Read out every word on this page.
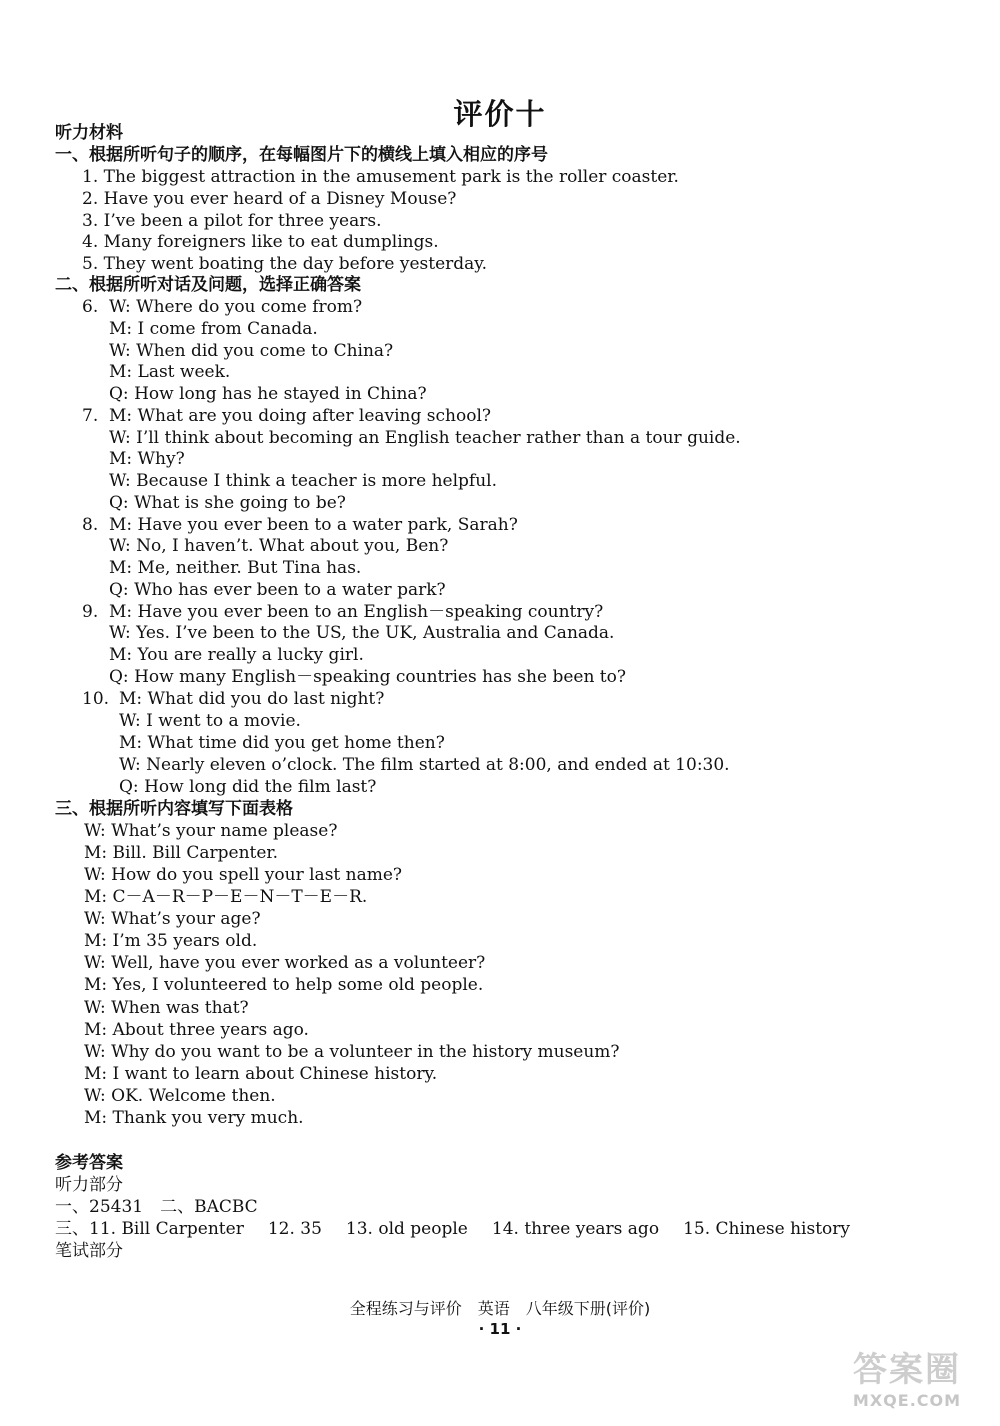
评价十
听力材料
一、根据所听句子的顺序，在每幅图片下的横线上填入相应的序号
1. The biggest attraction in the amusement park is the roller coaster.
2. Have you ever heard of a Disney Mouse?
3. I’ve been a pilot for three years.
4. Many foreigners like to eat dumplings.
5. They went boating the day before yesterday.
二、根据所听对话及问题，选择正确答案
6. W: Where do you come from?
M: I come from Canada.
W: When did you come to China?
M: Last week.
Q: How long has he stayed in China?
7. M: What are you doing after leaving school?
W: I’ll think about becoming an English teacher rather than a tour guide.
M: Why?
W: Because I think a teacher is more helpful.
Q: What is she going to be?
8. M: Have you ever been to a water park, Sarah?
W: No, I haven’t. What about you, Ben?
M: Me, neither. But Tina has.
Q: Who has ever been to a water park?
9. M: Have you ever been to an English－speaking country?
W: Yes. I’ve been to the US, the UK, Australia and Canada.
M: You are really a lucky girl.
Q: How many English－speaking countries has she been to?
10. M: What did you do last night?
W: I went to a movie.
M: What time did you get home then?
W: Nearly eleven o’clock. The film started at 8:00, and ended at 10:30.
Q: How long did the film last?
三、根据所听内容填写下面表格
W: What’s your name please?
M: Bill. Bill Carpenter.
W: How do you spell your last name?
M: C－A－R－P－E－N－T－E－R.
W: What’s your age?
M: I’m 35 years old.
W: Well, have you ever worked as a volunteer?
M: Yes, I volunteered to help some old people.
W: When was that?
M: About three years ago.
W: Why do you want to be a volunteer in the history museum?
M: I want to learn about Chinese history.
W: OK. Welcome then.
M: Thank you very much.
参考答案
听力部分
一、25431　二、BACBC
三、11. Bill Carpenter 12. 35 13. old people 14. three years ago 15. Chinese history
笔试部分
全程练习与评价　英语　八年级下册(评价)
· 11 ·
答案圈
MXQE.COM
